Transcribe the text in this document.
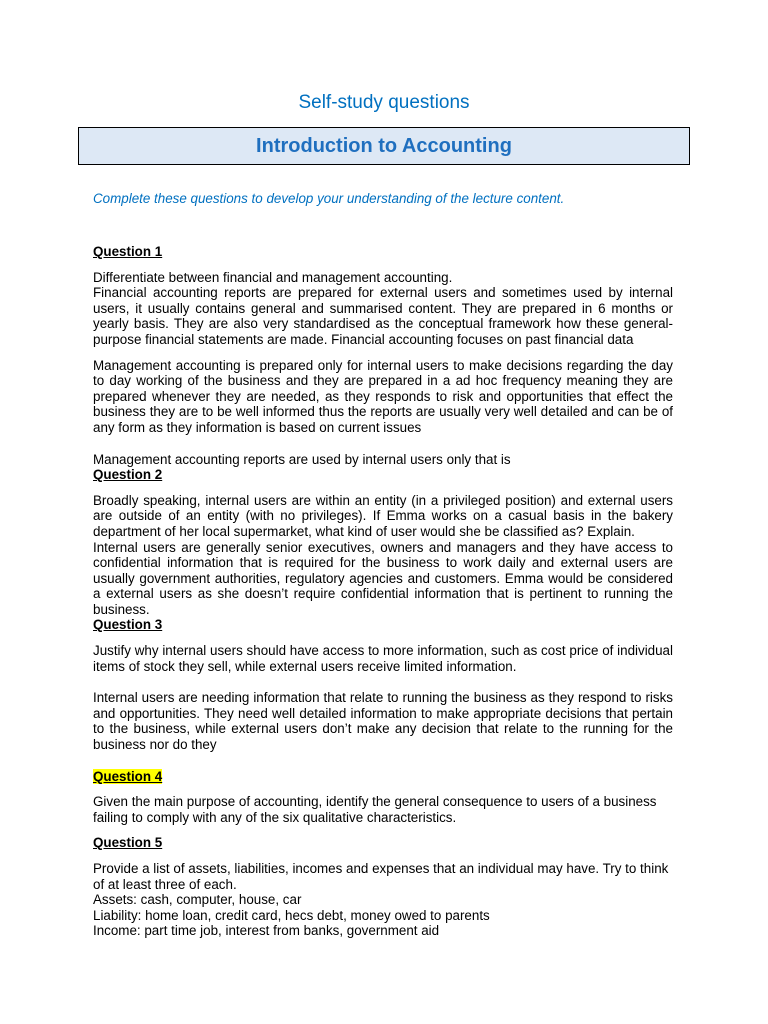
Self-study questions
Introduction to Accounting
Complete these questions to develop your understanding of the lecture content.

Question 1

Differentiate between financial and management accounting.

Financial accounting reports are prepared for external users and sometimes used by internal users, it usually contains general and summarised content. They are prepared in 6 months or yearly basis. They are also very standardised as the conceptual framework how these general-purpose financial statements are made. Financial accounting focuses on past financial data

Management accounting is prepared only for internal users to make decisions regarding the day to day working of the business and they are prepared in a ad hoc frequency meaning they are prepared whenever they are needed, as they responds to risk and opportunities that effect the business they are to be well informed thus the reports are usually very well detailed and can be of any form as they information is based on current issues

Management accounting reports are used by internal users only that is

Question 2

Broadly speaking, internal users are within an entity (in a privileged position) and external users are outside of an entity (with no privileges). If Emma works on a casual basis in the bakery department of her local supermarket, what kind of user would she be classified as? Explain.

Internal users are generally senior executives, owners and managers and they have access to confidential information that is required for the business to work daily and external users are usually government authorities, regulatory agencies and customers. Emma would be considered a external users as she doesn’t require confidential information that is pertinent to running the business.

Question 3

Justify why internal users should have access to more information, such as cost price of individual items of stock they sell, while external users receive limited information.

Internal users are needing information that relate to running the business as they respond to risks and opportunities. They need well detailed information to make appropriate decisions that pertain to the business, while external users don’t make any decision that relate to the running for the business nor do they

Question 4

Given the main purpose of accounting, identify the general consequence to users of a business failing to comply with any of the six qualitative characteristics.

Question 5

Provide a list of assets, liabilities, incomes and expenses that an individual may have. Try to think of at least three of each.

Assets: cash, computer, house, car

Liability: home loan, credit card, hecs debt, money owed to parents

Income: part time job, interest from banks, government aid
